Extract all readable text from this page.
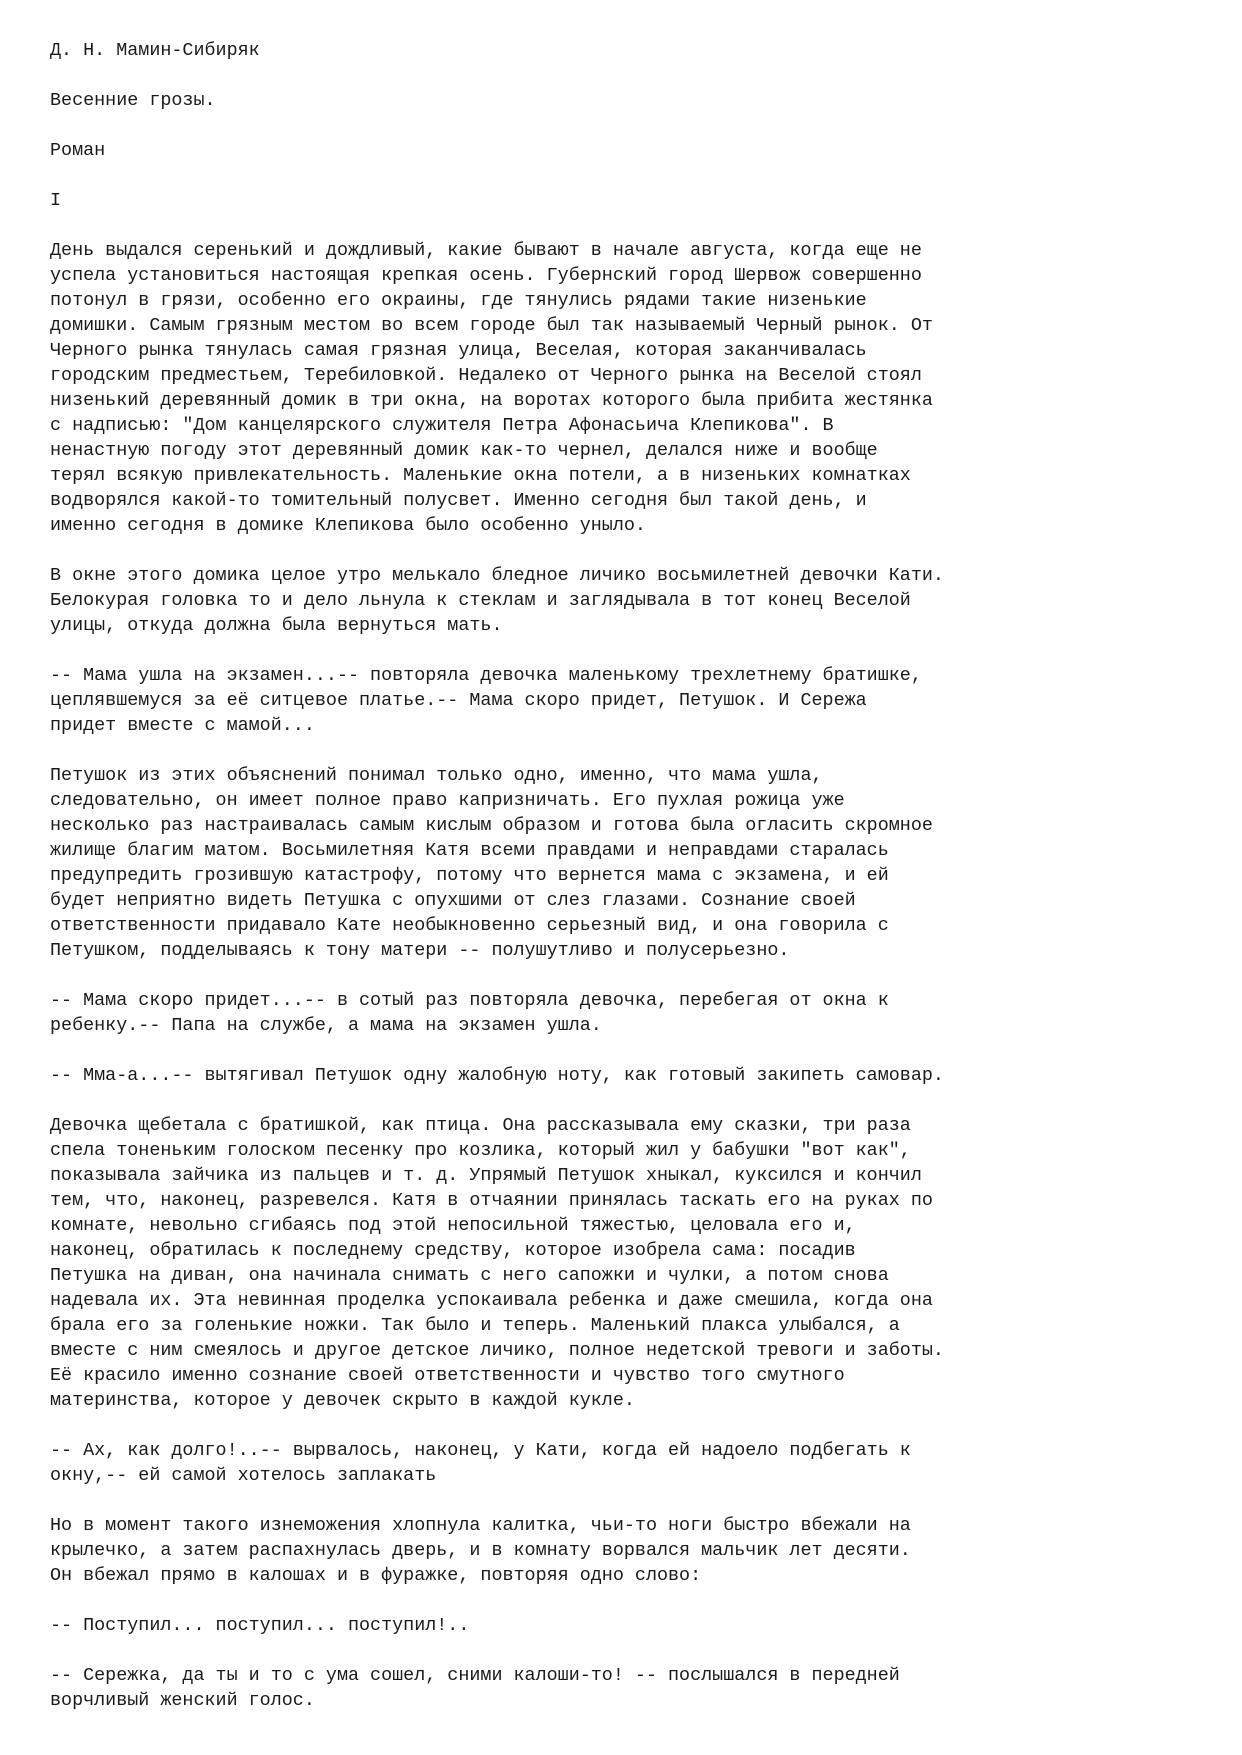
Д. Н. Мамин-Сибиряк

Весенние грозы.

Роман

I

День выдался серенький и дождливый, какие бывают в начале августа, когда еще не
успела установиться настоящая крепкая осень. Губернский город Шервож совершенно
потонул в грязи, особенно его окраины, где тянулись рядами такие низенькие
домишки. Самым грязным местом во всем городе был так называемый Черный рынок. От
Черного рынка тянулась самая грязная улица, Веселая, которая заканчивалась
городским предместьем, Теребиловкой. Недалеко от Черного рынка на Веселой стоял
низенький деревянный домик в три окна, на воротах которого была прибита жестянка
с надписью: "Дом канцелярского служителя Петра Афонасьича Клепикова". В
ненастную погоду этот деревянный домик как-то чернел, делался ниже и вообще
терял всякую привлекательность. Маленькие окна потели, а в низеньких комнатках
водворялся какой-то томительный полусвет. Именно сегодня был такой день, и
именно сегодня в домике Клепикова было особенно уныло.

В окне этого домика целое утро мелькало бледное личико восьмилетней девочки Кати.
Белокурая головка то и дело льнула к стеклам и заглядывала в тот конец Веселой
улицы, откуда должна была вернуться мать.

-- Мама ушла на экзамен...-- повторяла девочка маленькому трехлетнему братишке,
цеплявшемуся за её ситцевое платье.-- Мама скоро придет, Петушок. И Сережа
придет вместе с мамой...

Петушок из этих объяснений понимал только одно, именно, что мама ушла,
следовательно, он имеет полное право капризничать. Его пухлая рожица уже
несколько раз настраивалась самым кислым образом и готова была огласить скромное
жилище благим матом. Восьмилетняя Катя всеми правдами и неправдами старалась
предупредить грозившую катастрофу, потому что вернется мама с экзамена, и ей
будет неприятно видеть Петушка с опухшими от слез глазами. Сознание своей
ответственности придавало Кате необыкновенно серьезный вид, и она говорила с
Петушком, подделываясь к тону матери -- полушутливо и полусерьезно.

-- Мама скоро придет...-- в сотый раз повторяла девочка, перебегая от окна к
ребенку.-- Папа на службе, а мама на экзамен ушла.

-- Мма-а...-- вытягивал Петушок одну жалобную ноту, как готовый закипеть самовар.

Девочка щебетала с братишкой, как птица. Она рассказывала ему сказки, три раза
спела тоненьким голоском песенку про козлика, который жил у бабушки "вот как",
показывала зайчика из пальцев и т. д. Упрямый Петушок хныкал, куксился и кончил
тем, что, наконец, разревелся. Катя в отчаянии принялась таскать его на руках по
комнате, невольно сгибаясь под этой непосильной тяжестью, целовала его и,
наконец, обратилась к последнему средству, которое изобрела сама: посадив
Петушка на диван, она начинала снимать с него сапожки и чулки, а потом снова
надевала их. Эта невинная проделка успокаивала ребенка и даже смешила, когда она
брала его за голенькие ножки. Так было и теперь. Маленький плакса улыбался, а
вместе с ним смеялось и другое детское личико, полное недетской тревоги и заботы.
Её красило именно сознание своей ответственности и чувство того смутного
материнства, которое у девочек скрыто в каждой кукле.

-- Ах, как долго!..-- вырвалось, наконец, у Кати, когда ей надоело подбегать к
окну,-- ей самой хотелось заплакать

Но в момент такого изнеможения хлопнула калитка, чьи-то ноги быстро вбежали на
крылечко, а затем распахнулась дверь, и в комнату ворвался мальчик лет десяти.
Он вбежал прямо в калошах и в фуражке, повторяя одно слово:

-- Поступил... поступил... поступил!..

-- Сережка, да ты и то с ума сошел, сними калоши-то! -- послышался в передней
ворчливый женский голос.
